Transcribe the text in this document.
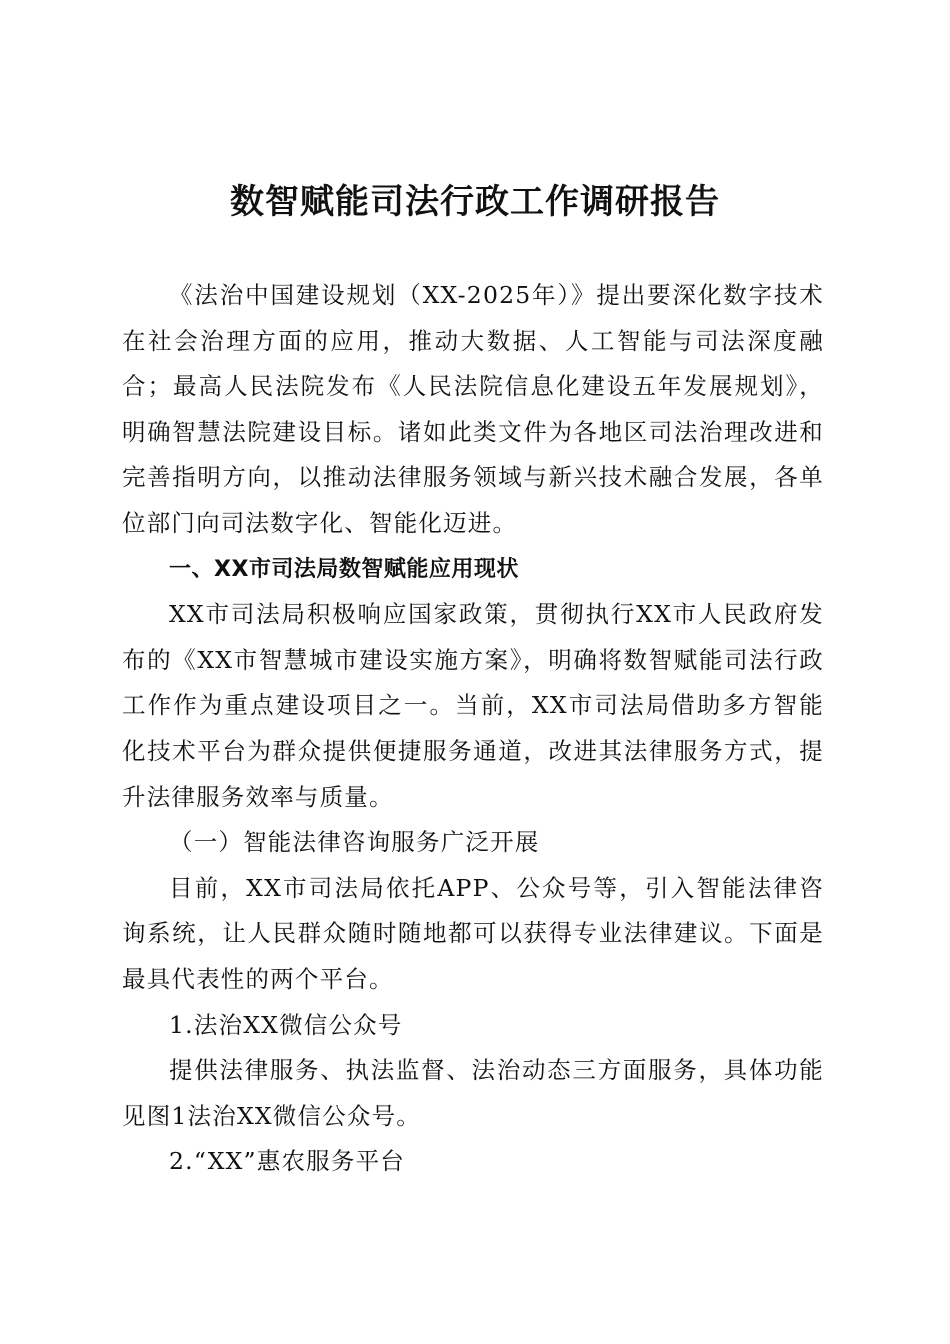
数智赋能司法行政工作调研报告

《法治中国建设规划（XX-2025年）》提出要深化数字技术在社会治理方面的应用，推动大数据、人工智能与司法深度融合；最高人民法院发布《人民法院信息化建设五年发展规划》，明确智慧法院建设目标。诸如此类文件为各地区司法治理改进和完善指明方向，以推动法律服务领域与新兴技术融合发展，各单位部门向司法数字化、智能化迈进。

一、XX市司法局数智赋能应用现状

XX市司法局积极响应国家政策，贯彻执行XX市人民政府发布的《XX市智慧城市建设实施方案》，明确将数智赋能司法行政工作作为重点建设项目之一。当前，XX市司法局借助多方智能化技术平台为群众提供便捷服务通道，改进其法律服务方式，提升法律服务效率与质量。

（一）智能法律咨询服务广泛开展

目前，XX市司法局依托APP、公众号等，引入智能法律咨询系统，让人民群众随时随地都可以获得专业法律建议。下面是最具代表性的两个平台。

1.法治XX微信公众号

提供法律服务、执法监督、法治动态三方面服务，具体功能见图1法治XX微信公众号。

2.“XX”惠农服务平台
